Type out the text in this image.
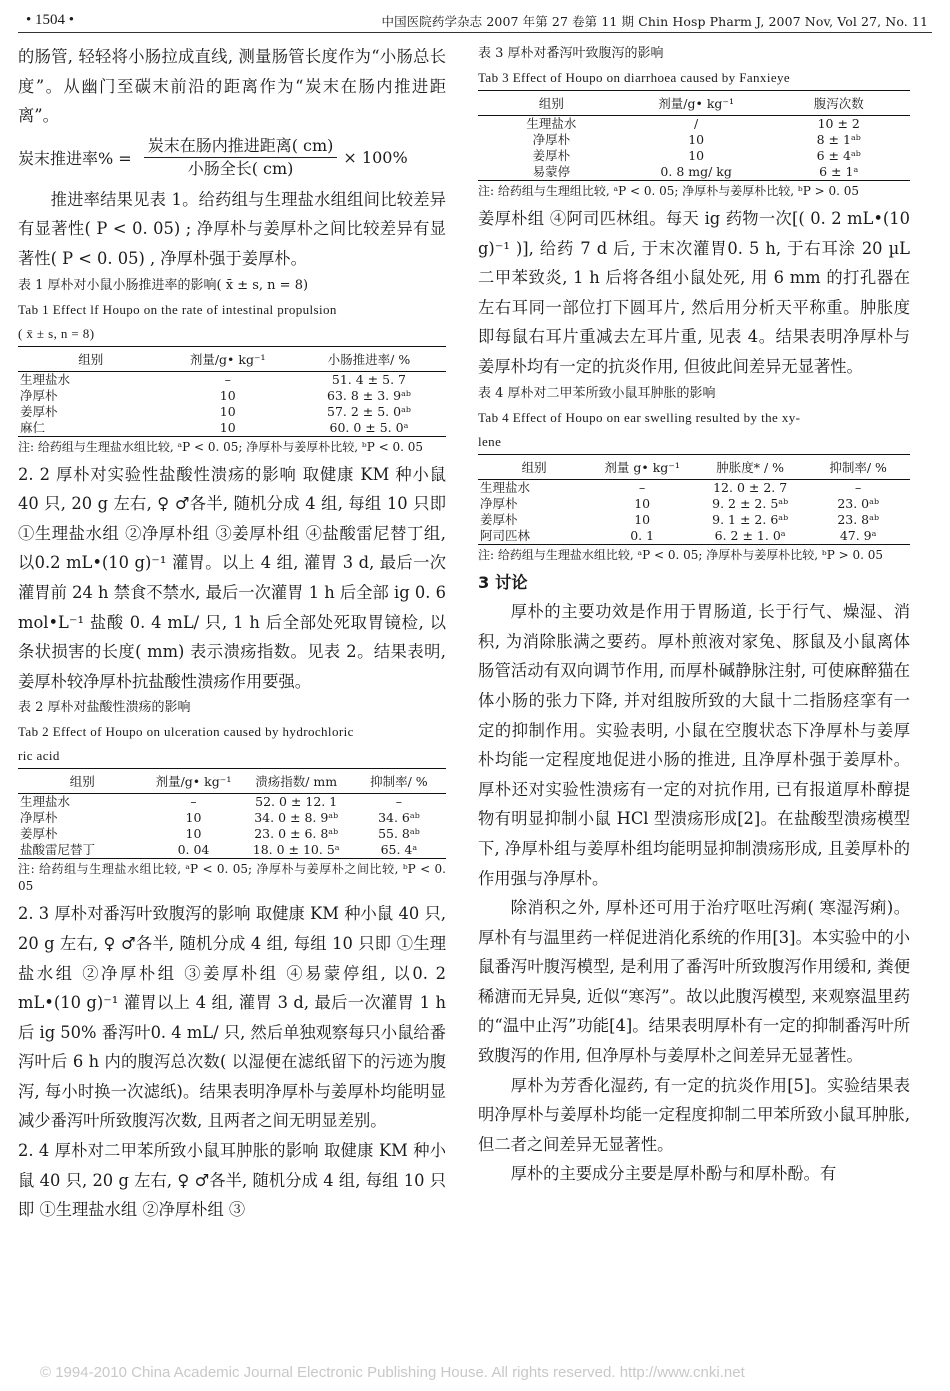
• 1504 •	中国医院药学杂志 2007 年第 27 卷第 11 期 Chin Hosp Pharm J, 2007 Nov, Vol 27, No. 11

的肠管, 轻轻将小肠拉成直线, 测量肠管长度作为“小肠总长度”。从幽门至碳末前沿的距离作为“炭末在肠内推进距离”。

炭末推进率% = $\frac{\text{炭末在肠内推进距离( cm)}}{\text{小肠全长( cm)}} \times 100\%$

推进率结果见表 1。给药组与生理盐水组组间比较差异有显著性( P < 0. 05) ; 净厚朴与姜厚朴之间比较差异有显著性( P < 0. 05) , 净厚朴强于姜厚朴。

表 1 厚朴对小鼠小肠推进率的影响( x̄ ± s, n = 8)

Tab 1 Effect lf Houpo on the rate of intestinal propulsion

( x̄ ± s, n = 8)

组别	剂量/g• kg⁻¹	小肠推进率/ %
生理盐水	–	51. 4 ± 5. 7
净厚朴	10	63. 8 ± 3. 9ᵃᵇ
姜厚朴	10	57. 2 ± 5. 0ᵃᵇ
麻仁	10	60. 0 ± 5. 0ᵃ

注: 给药组与生理盐水组比较, ᵃP < 0. 05; 净厚朴与姜厚朴比较, ᵇP < 0. 05

2. 2 厚朴对实验性盐酸性溃疡的影响 取健康 KM 种小鼠 40 只, 20 g 左右, ♀ ♂各半, 随机分成 4 组, 每组 10 只即 ①生理盐水组 ②净厚朴组 ③姜厚朴组 ④盐酸雷尼替丁组, 以0.2 mL•(10 g)⁻¹ 灌胃。以上 4 组, 灌胃 3 d, 最后一次灌胃前 24 h 禁食不禁水, 最后一次灌胃 1 h 后全部 ig 0. 6 mol•L⁻¹ 盐酸 0. 4 mL/ 只, 1 h 后全部处死取胃镜检, 以条状损害的长度( mm) 表示溃疡指数。见表 2。结果表明, 姜厚朴较净厚朴抗盐酸性溃疡作用要强。

表 2 厚朴对盐酸性溃疡的影响

Tab 2 Effect of Houpo on ulceration caused by hydrochloric

ric acid

组别	剂量/g• kg⁻¹	溃疡指数/ mm	抑制率/ %
生理盐水	–	52. 0 ± 12. 1	–
净厚朴	10	34. 0 ± 8. 9ᵃᵇ	34. 6ᵃᵇ
姜厚朴	10	23. 0 ± 6. 8ᵃᵇ	55. 8ᵃᵇ
盐酸雷尼替丁	0. 04	18. 0 ± 10. 5ᵃ	65. 4ᵃ

注: 给药组与生理盐水组比较, ᵃP < 0. 05; 净厚朴与姜厚朴之间比较, ᵇP < 0. 05

2. 3 厚朴对番泻叶致腹泻的影响 取健康 KM 种小鼠 40 只, 20 g 左右, ♀ ♂各半, 随机分成 4 组, 每组 10 只即 ①生理盐水组 ②净厚朴组 ③姜厚朴组 ④易蒙停组, 以0. 2 mL•(10 g)⁻¹ 灌胃以上 4 组, 灌胃 3 d, 最后一次灌胃 1 h 后 ig 50% 番泻叶0. 4 mL/ 只, 然后单独观察每只小鼠给番泻叶后 6 h 内的腹泻总次数( 以湿便在滤纸留下的污迹为腹泻, 每小时换一次滤纸)。结果表明净厚朴与姜厚朴均能明显减少番泻叶所致腹泻次数, 且两者之间无明显差别。

2. 4 厚朴对二甲苯所致小鼠耳肿胀的影响 取健康 KM 种小鼠 40 只, 20 g 左右, ♀ ♂各半, 随机分成 4 组, 每组 10 只即 ①生理盐水组 ②净厚朴组 ③

表 3 厚朴对番泻叶致腹泻的影响

Tab 3 Effect of Houpo on diarrhoea caused by Fanxieye

组别	剂量/g• kg⁻¹	腹泻次数
生理盐水	/	10 ± 2
净厚朴	10	8 ± 1ᵃᵇ
姜厚朴	10	6 ± 4ᵃᵇ
易蒙停	0. 8 mg/ kg	6 ± 1ᵃ

注: 给药组与生理组比较, ᵃP < 0. 05; 净厚朴与姜厚朴比较, ᵇP > 0. 05

姜厚朴组 ④阿司匹林组。每天 ig 药物一次[( 0. 2 mL•(10 g)⁻¹ )], 给药 7 d 后, 于末次灌胃0. 5 h, 于右耳涂 20 µL 二甲苯致炎, 1 h 后将各组小鼠处死, 用 6 mm 的打孔器在左右耳同一部位打下圆耳片, 然后用分析天平称重。肿胀度即每鼠右耳片重减去左耳片重, 见表 4。结果表明净厚朴与姜厚朴均有一定的抗炎作用, 但彼此间差异无显著性。

表 4 厚朴对二甲苯所致小鼠耳肿胀的影响

Tab 4 Effect of Houpo on ear swelling resulted by the xy-

lene

组别	剂量 g• kg⁻¹	肿胀度* / %	抑制率/ %
生理盐水	–	12. 0 ± 2. 7	–
净厚朴	10	9. 2 ± 2. 5ᵃᵇ	23. 0ᵃᵇ
姜厚朴	10	9. 1 ± 2. 6ᵃᵇ	23. 8ᵃᵇ
阿司匹林	0. 1	6. 2 ± 1. 0ᵃ	47. 9ᵃ

注: 给药组与生理盐水组比较, ᵃP < 0. 05; 净厚朴与姜厚朴比较, ᵇP > 0. 05

3 讨论

厚朴的主要功效是作用于胃肠道, 长于行气、燥湿、消积, 为消除胀满之要药。厚朴煎液对家兔、豚鼠及小鼠离体肠管活动有双向调节作用, 而厚朴碱静脉注射, 可使麻醉猫在体小肠的张力下降, 并对组胺所致的大鼠十二指肠痉挛有一定的抑制作用。实验表明, 小鼠在空腹状态下净厚朴与姜厚朴均能一定程度地促进小肠的推进, 且净厚朴强于姜厚朴。厚朴还对实验性溃疡有一定的对抗作用, 已有报道厚朴醇提物有明显抑制小鼠 HCl 型溃疡形成[2]。在盐酸型溃疡模型下, 净厚朴组与姜厚朴组均能明显抑制溃疡形成, 且姜厚朴的作用强与净厚朴。

除消积之外, 厚朴还可用于治疗呕吐泻痢( 寒湿泻痢)。厚朴有与温里药一样促进消化系统的作用[3]。本实验中的小鼠番泻叶腹泻模型, 是利用了番泻叶所致腹泻作用缓和, 粪便稀溏而无异臭, 近似“寒泻”。故以此腹泻模型, 来观察温里药的“温中止泻”功能[4]。结果表明厚朴有一定的抑制番泻叶所致腹泻的作用, 但净厚朴与姜厚朴之间差异无显著性。

厚朴为芳香化湿药, 有一定的抗炎作用[5]。实验结果表明净厚朴与姜厚朴均能一定程度抑制二甲苯所致小鼠耳肿胀, 但二者之间差异无显著性。

厚朴的主要成分主要是厚朴酚与和厚朴酚。有

© 1994-2010 China Academic Journal Electronic Publishing House. All rights reserved. http://www.cnki.net
